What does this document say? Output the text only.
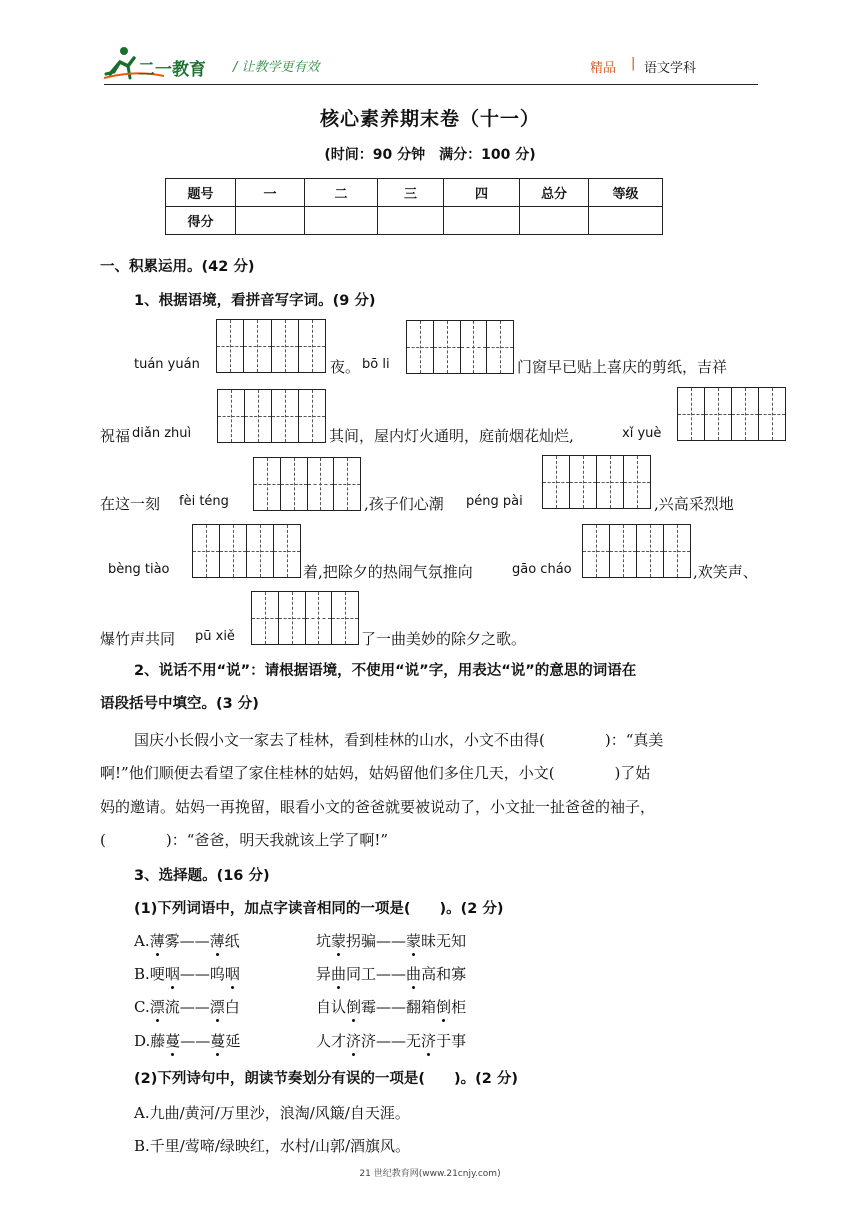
二一教育 / 让教学更有效	精品 | 语文学科
核心素养期末卷（十一）
(时间：90 分钟　满分：100 分)
题号	一	二	三	四	总分	等级
得分						
一、积累运用。(42 分)
1、根据语境，看拼音写字词。(9 分)
tuán yuán	夜。 bō li	门窗早已贴上喜庆的剪纸，吉祥
祝福 diǎn zhuì	其间，屋内灯火通明，庭前烟花灿烂,	xǐ yuè
在这一刻 fèi téng	,孩子们心潮 péng pài	,兴高采烈地
bèng tiào	着,把除夕的热闹气氛推向	gāo cháo	,欢笑声、
爆竹声共同 pū xiě	了一曲美妙的除夕之歌。
2、说话不用“说”：请根据语境，不使用“说”字，用表达“说”的意思的词语在
语段括号中填空。(3 分)
国庆小长假小文一家去了桂林，看到桂林的山水，小文不由得(　　　　)：“真美
啊!”他们顺便去看望了家住桂林的姑妈，姑妈留他们多住几天，小文(　　　　)了姑
妈的邀请。姑妈一再挽留，眼看小文的爸爸就要被说动了，小文扯一扯爸爸的袖子，
(　　　　)：“爸爸，明天我就该上学了啊!”
3、选择题。(16 分)
(1)下列词语中，加点字读音相同的一项是(　　)。(2 分)
A.薄雾——薄纸	坑蒙拐骗——蒙昧无知
B.哽咽——呜咽	异曲同工——曲高和寡
C.漂流——漂白	自认倒霉——翻箱倒柜
D.藤蔓——蔓延	人才济济——无济于事
(2)下列诗句中，朗读节奏划分有误的一项是(　　)。(2 分)
A.九曲/黄河/万里沙，浪淘/风簸/自天涯。
B.千里/莺啼/绿映红，水村/山郭/酒旗风。
21 世纪教育网(www.21cnjy.com)
